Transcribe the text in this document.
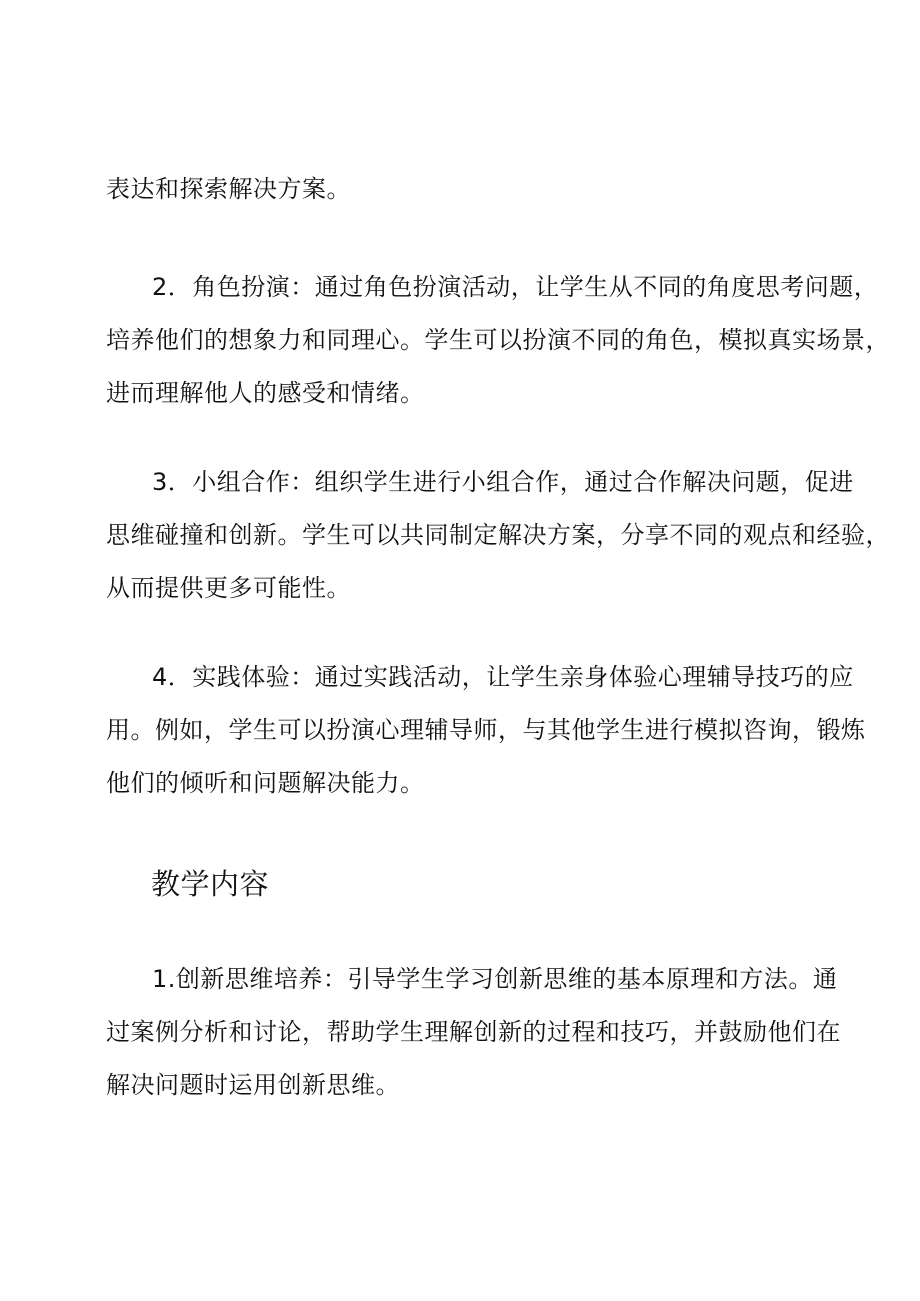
表达和探索解决方案。

2．角色扮演：通过角色扮演活动，让学生从不同的角度思考问题，
培养他们的想象力和同理心。学生可以扮演不同的角色，模拟真实场景，
进而理解他人的感受和情绪。

3．小组合作：组织学生进行小组合作，通过合作解决问题，促进
思维碰撞和创新。学生可以共同制定解决方案，分享不同的观点和经验，
从而提供更多可能性。

4．实践体验：通过实践活动，让学生亲身体验心理辅导技巧的应
用。例如，学生可以扮演心理辅导师，与其他学生进行模拟咨询，锻炼
他们的倾听和问题解决能力。

教学内容

1.创新思维培养：引导学生学习创新思维的基本原理和方法。通
过案例分析和讨论，帮助学生理解创新的过程和技巧，并鼓励他们在
解决问题时运用创新思维。
